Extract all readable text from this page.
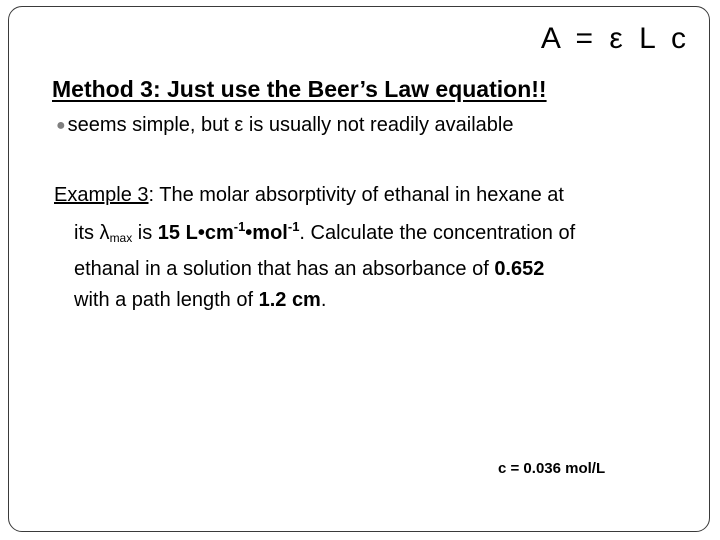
A = ε L c
Method 3: Just use the Beer’s Law equation!!
● seems simple, but ε is usually not readily available
Example 3: The molar absorptivity of ethanal in hexane at
its λmax is 15 $L•cm^{-1}•mol^{-1}$. Calculate the concentration of
ethanal in a solution that has an absorbance of 0.652
with a path length of 1.2 cm.
c = 0.036 mol/L
